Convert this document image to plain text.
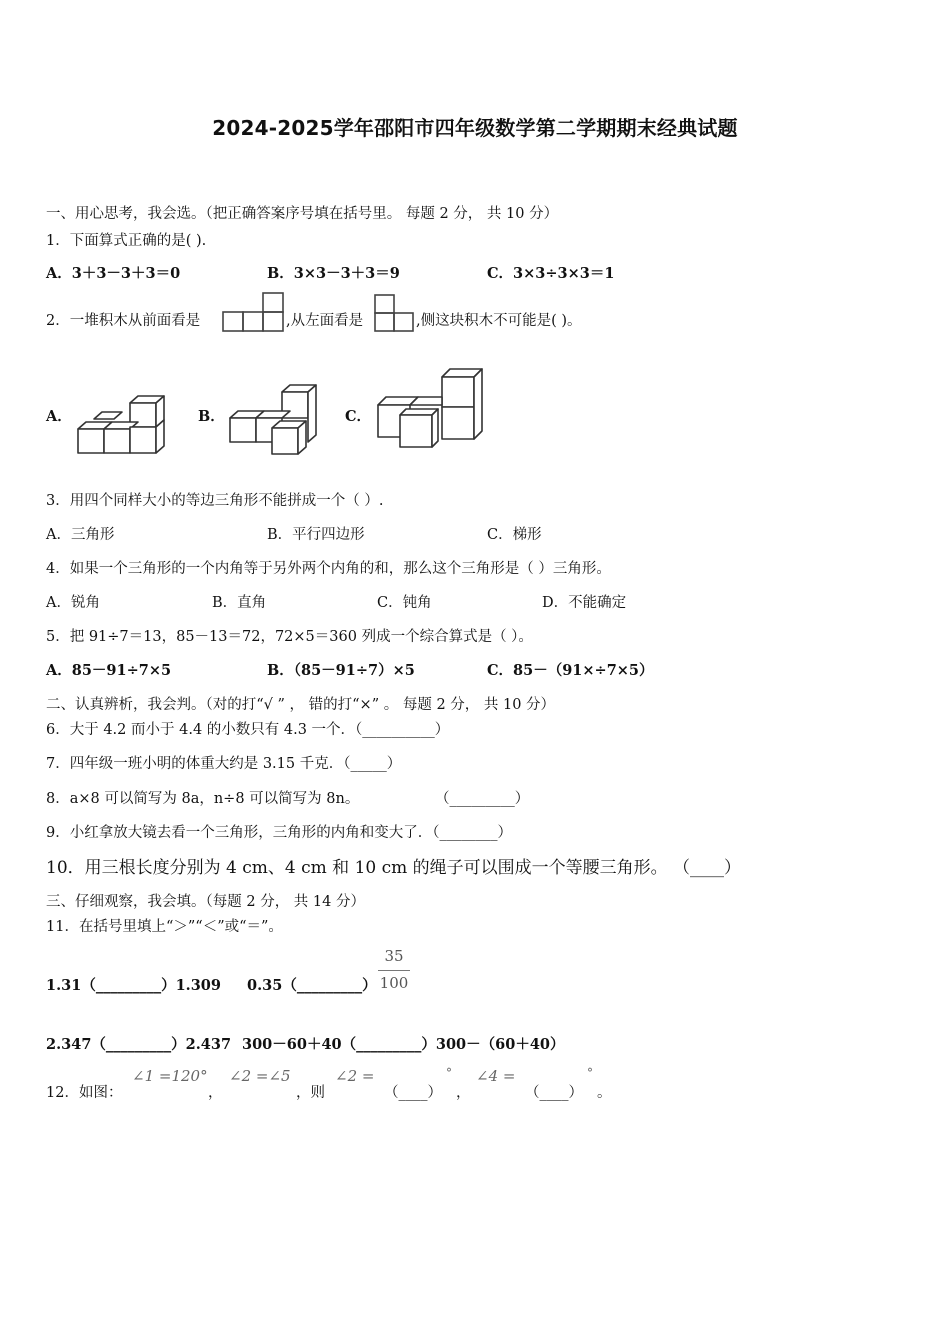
2024-2025学年邵阳市四年级数学第二学期期末经典试题
一、用心思考，我会选。（把正确答案序号填在括号里。 每题 2 分， 共 10 分）
1．下面算式正确的是( ).
A．3＋3－3＋3＝0	B．3×3－3＋3＝9	C．3×3÷3×3＝1
2．一堆积木从前面看是	,从左面看是	,侧这块积木不可能是( )。
A．	B．	C．
3．用四个同样大小的等边三角形不能拼成一个（ ）.
A．三角形	B．平行四边形	C．梯形
4．如果一个三角形的一个内角等于另外两个内角的和，那么这个三角形是（ ）三角形。
A．锐角	B．直角	C．钝角	D．不能确定
5．把 91÷7＝13，85－13＝72，72×5＝360 列成一个综合算式是（ ）。
A．85－91÷7×5	B．（85－91÷7）×5	C．85－（91×÷7×5）
二、认真辨析，我会判。（对的打“√ ” ， 错的打“×” 。 每题 2 分， 共 10 分）
6．大于 4.2 而小于 4.4 的小数只有 4.3 一个．（__________）
7．四年级一班小明的体重大约是 3.15 千克．（_____）
8．a×8 可以简写为 8a，n÷8 可以简写为 8n。	（_________）
9．小红拿放大镜去看一个三角形，三角形的内角和变大了．（________）
10．用三根长度分别为 4 cm、4 cm 和 10 cm 的绳子可以围成一个等腰三角形。 （____）
三、仔细观察，我会填。（每题 2 分， 共 14 分）
11．在括号里填上“＞”“＜”或“＝”。
1.31（_________）1.309 0.35（_________）
35
100
2.347（_________）2.437 300－60＋40（_________）300－（60＋40）
12．如图：
∠1 =120°
，
∠2 =∠5
，则
∠2 =
（____）
°
，
∠4 =
（____）
°
。
